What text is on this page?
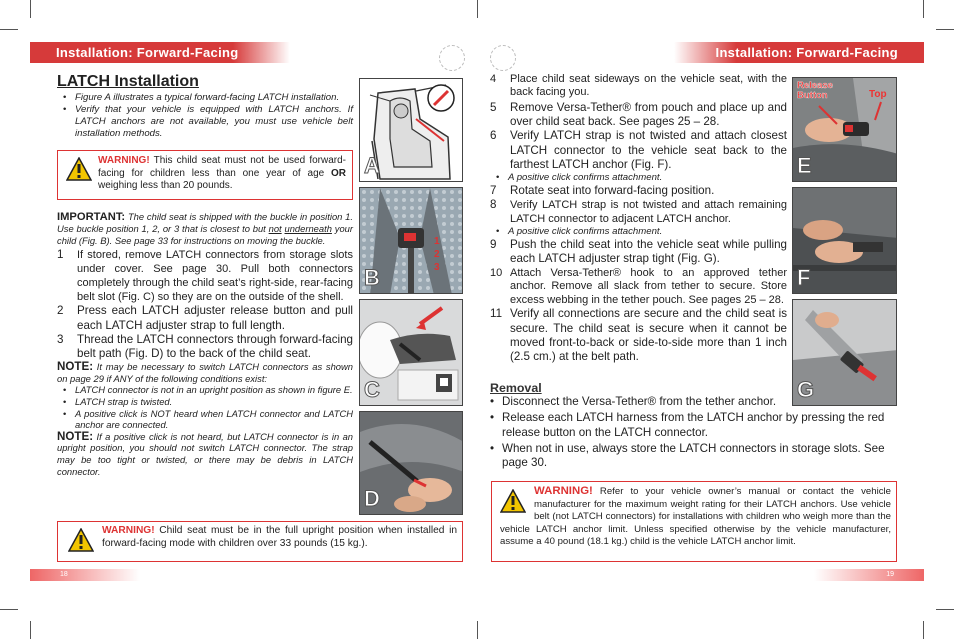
Installation: Forward-Facing	Installation: Forward-Facing
LATCH Installation
• Figure A illustrates a typical forward-facing LATCH installation.
• Verify that your vehicle is equipped with LATCH anchors. If LATCH anchors are not available, you must use vehicle belt installation methods.
WARNING! This child seat must not be used forward-facing for children less than one year of age OR weighing less than 20 pounds.
IMPORTANT: The child seat is shipped with the buckle in position 1. Use buckle position 1, 2, or 3 that is closest to but not underneath your child (Fig. B). See page 33 for instructions on moving the buckle.
1	If stored, remove LATCH connectors from storage slots under cover. See page 30. Pull both connectors completely through the child seat’s right-side, rear-facing belt slot (Fig. C) so they are on the outside of the shell.
2	Press each LATCH adjuster release button and pull each LATCH adjuster strap to full length.
3	Thread the LATCH connectors through forward-facing belt path (Fig. D) to the back of the child seat.
NOTE: It may be necessary to switch LATCH connectors as shown on page 29 if ANY of the following conditions exist:
• LATCH connector is not in an upright position as shown in figure E.
• LATCH strap is twisted.
• A positive click is NOT heard when LATCH connector and LATCH anchor are connected.
NOTE: If a positive click is not heard, but LATCH connector is in an upright position, you should not switch LATCH connector. The strap may be too tight or twisted, or there may be debris in LATCH connector.
WARNING! Child seat must be in the full upright position when installed in forward-facing mode with children over 33 pounds (15 kg.).
A
1
2
3
B
C
D
4	Place child seat sideways on the vehicle seat, with the back facing you.
5	Remove Versa-Tether® from pouch and place up and over child seat back. See pages 25 – 28.
6	Verify LATCH strap is not twisted and attach closest LATCH connector to the vehicle seat back to the farthest LATCH anchor (Fig. F).
• A positive click confirms attachment.
7	Rotate seat into forward-facing position.
8	Verify LATCH strap is not twisted and attach remaining LATCH connector to adjacent LATCH anchor.
• A positive click confirms attachment.
9	Push the child seat into the vehicle seat while pulling each LATCH adjuster strap tight (Fig. G).
10 Attach Versa-Tether® hook to an approved tether anchor. Remove all slack from tether to secure. Store excess webbing in the tether pouch. See pages 25 – 28.
11 Verify all connections are secure and the child seat is secure. The child seat is secure when it cannot be moved front-to-back or side-to-side more than 1 inch (2.5 cm.) at the belt path.
Removal
• Disconnect the Versa-Tether® from the tether anchor.
• Release each LATCH harness from the LATCH anchor by pressing the red release button on the LATCH connector.
• When not in use, always store the LATCH connectors in storage slots. See page 30.
WARNING! Refer to your vehicle owner’s manual or contact the vehicle manufacturer for the maximum weight rating for their LATCH anchors. Use vehicle belt (not LATCH connectors) for installations with children who weigh more than the vehicle LATCH anchor limit. Unless specified otherwise by the vehicle manufacturer, assume a 40 pound (18.1 kg.) child is the vehicle LATCH anchor limit.
Release
Button	Top
E
F
G
18	19
